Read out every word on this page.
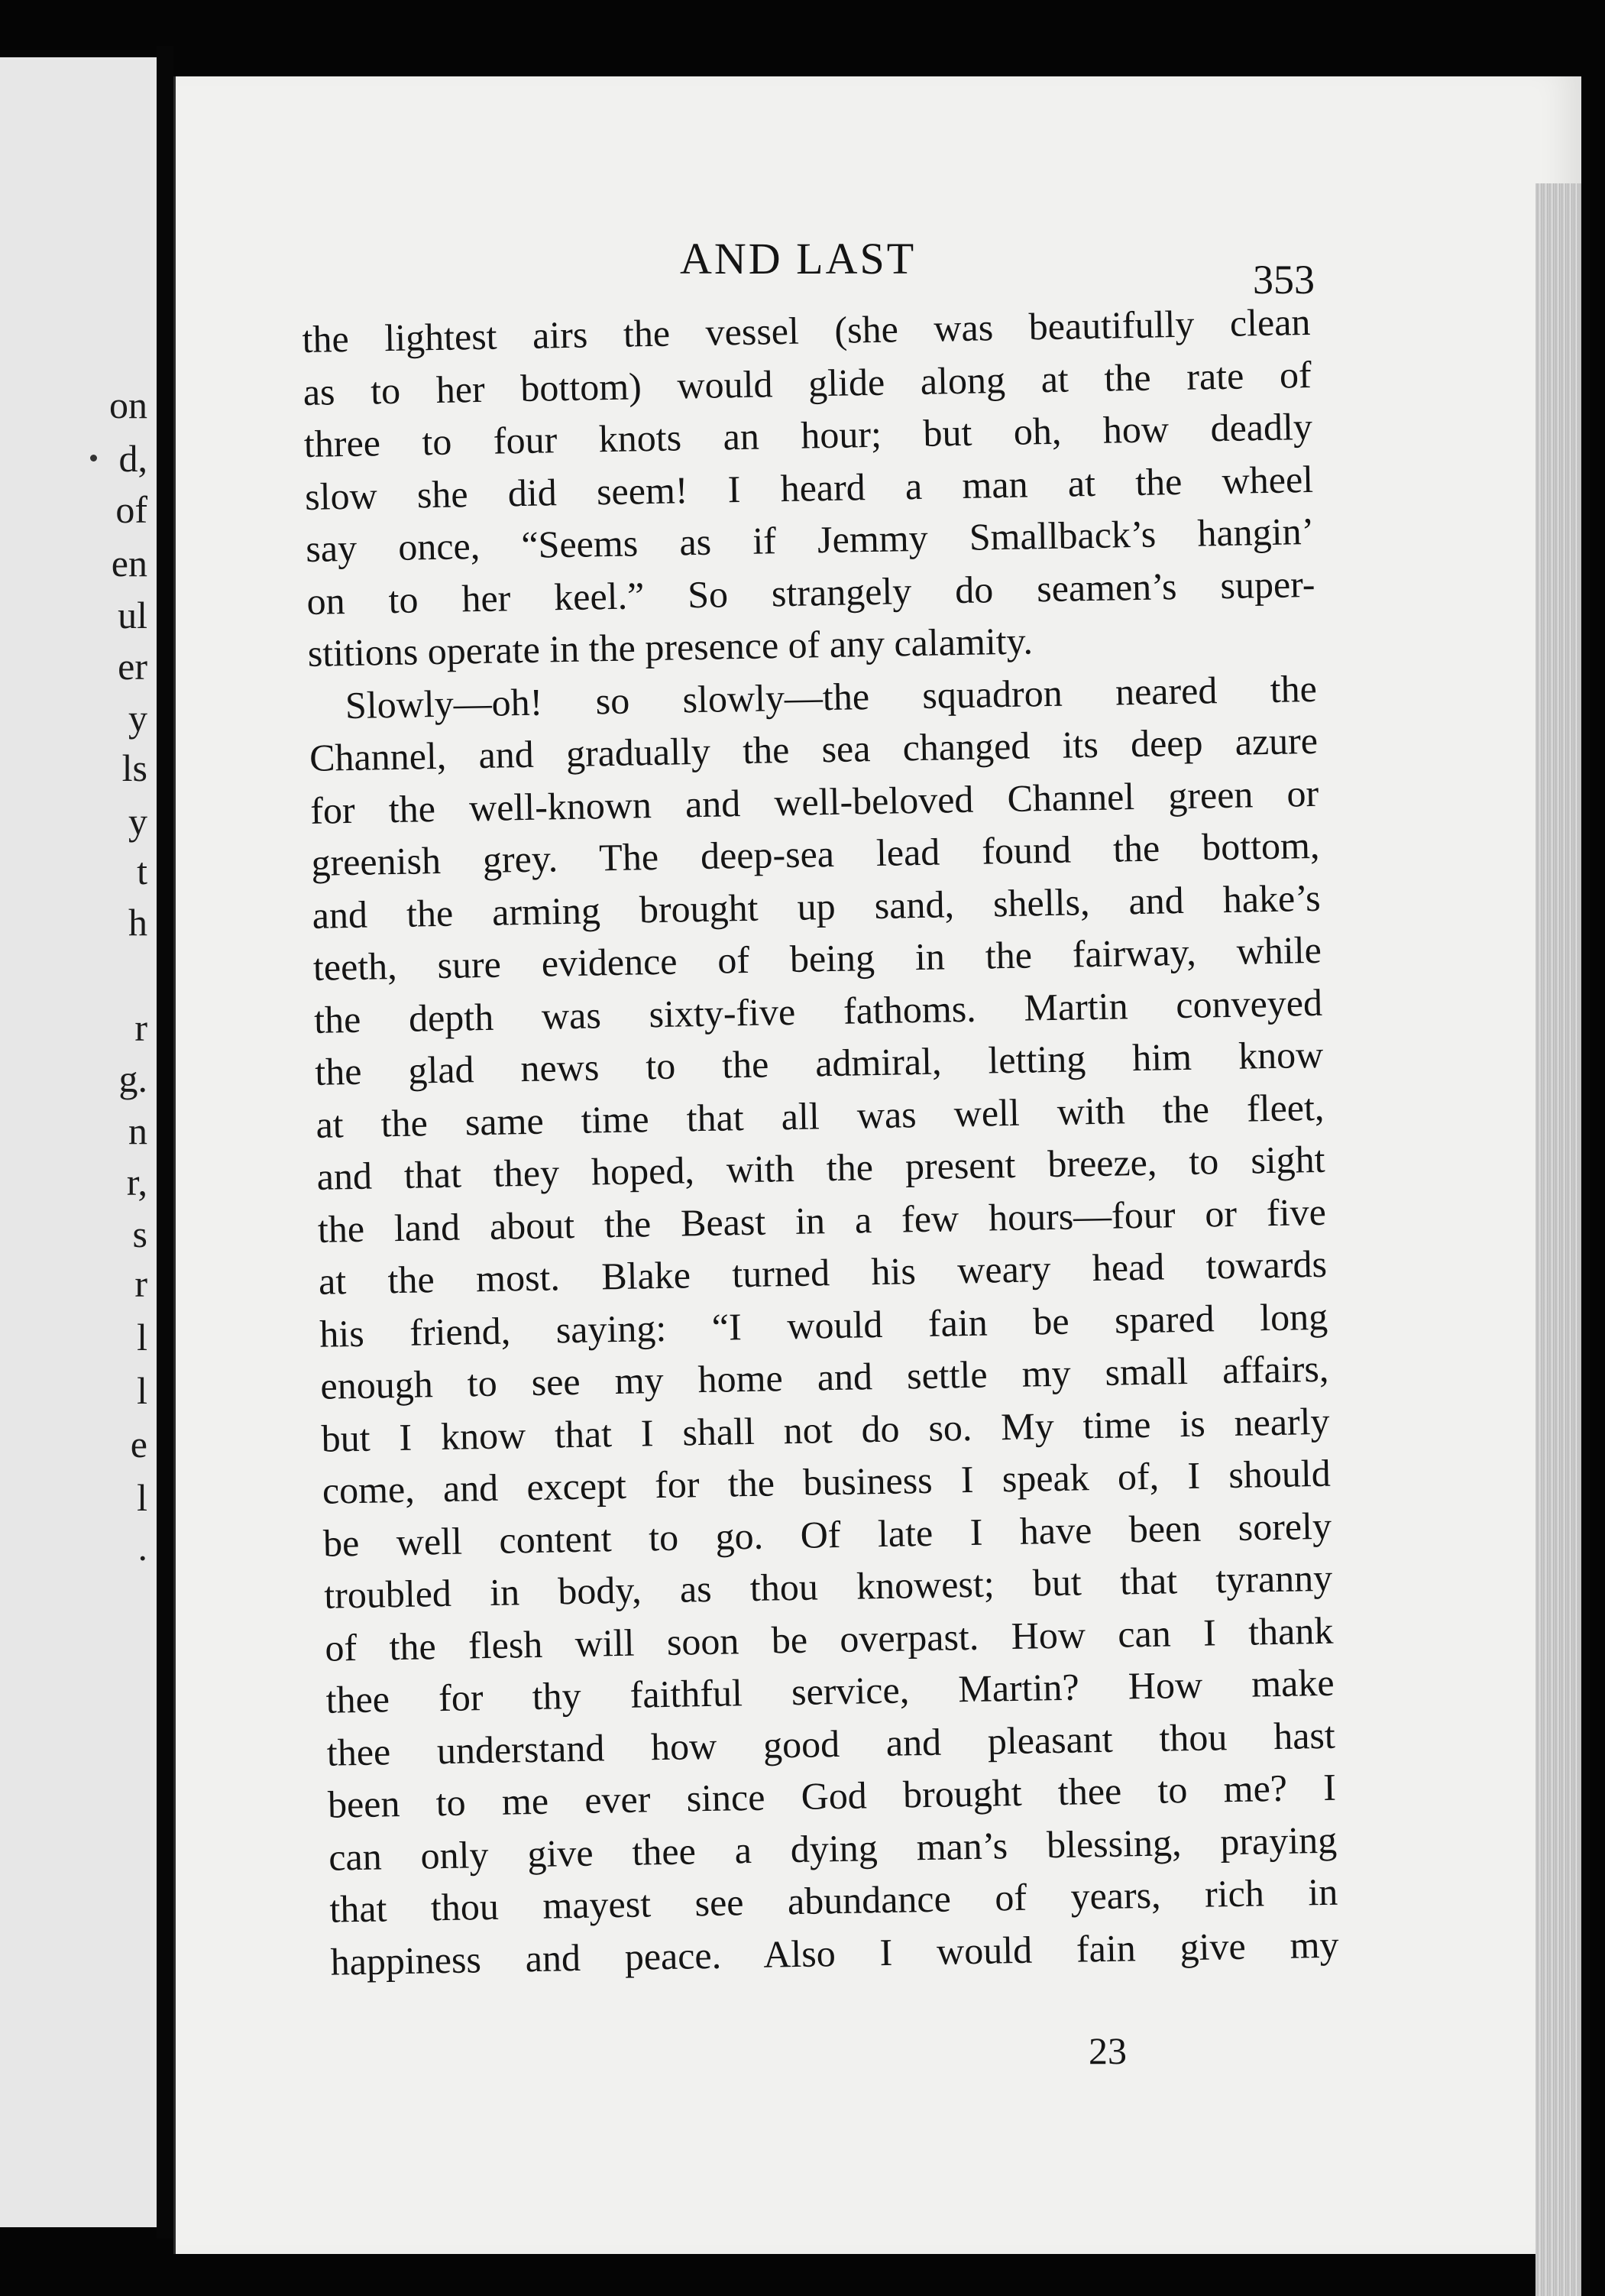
on
d,
of
en
ul
er
y
ls
y
t
h
r
g.
n
r,
s
r
l
l
e
l
.
AND LAST	353
the lightest airs the vessel (she was beautifully clean
as to her bottom) would glide along at the rate of
three to four knots an hour; but oh, how deadly
slow she did seem! I heard a man at the wheel
say once, “Seems as if Jemmy Smallback’s hangin’
on to her keel.” So strangely do seamen’s super-
stitions operate in the presence of any calamity.
Slowly—oh! so slowly—the squadron neared the
Channel, and gradually the sea changed its deep azure
for the well-known and well-beloved Channel green or
greenish grey. The deep-sea lead found the bottom,
and the arming brought up sand, shells, and hake’s
teeth, sure evidence of being in the fairway, while
the depth was sixty-five fathoms. Martin conveyed
the glad news to the admiral, letting him know
at the same time that all was well with the fleet,
and that they hoped, with the present breeze, to sight
the land about the Beast in a few hours—four or five
at the most. Blake turned his weary head towards
his friend, saying: “I would fain be spared long
enough to see my home and settle my small affairs,
but I know that I shall not do so. My time is nearly
come, and except for the business I speak of, I should
be well content to go. Of late I have been sorely
troubled in body, as thou knowest; but that tyranny
of the flesh will soon be overpast. How can I thank
thee for thy faithful service, Martin? How make
thee understand how good and pleasant thou hast
been to me ever since God brought thee to me? I
can only give thee a dying man’s blessing, praying
that thou mayest see abundance of years, rich in
happiness and peace. Also I would fain give my
23
